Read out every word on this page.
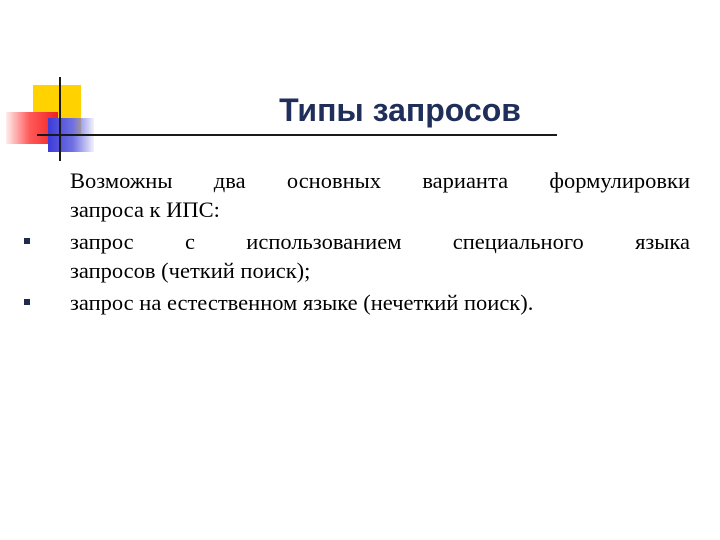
Типы запросов

Возможны два основных варианта формулировки
запроса к ИПС:

запрос с использованием специального языка
запросов (четкий поиск);
запрос на естественном языке (нечеткий поиск).
